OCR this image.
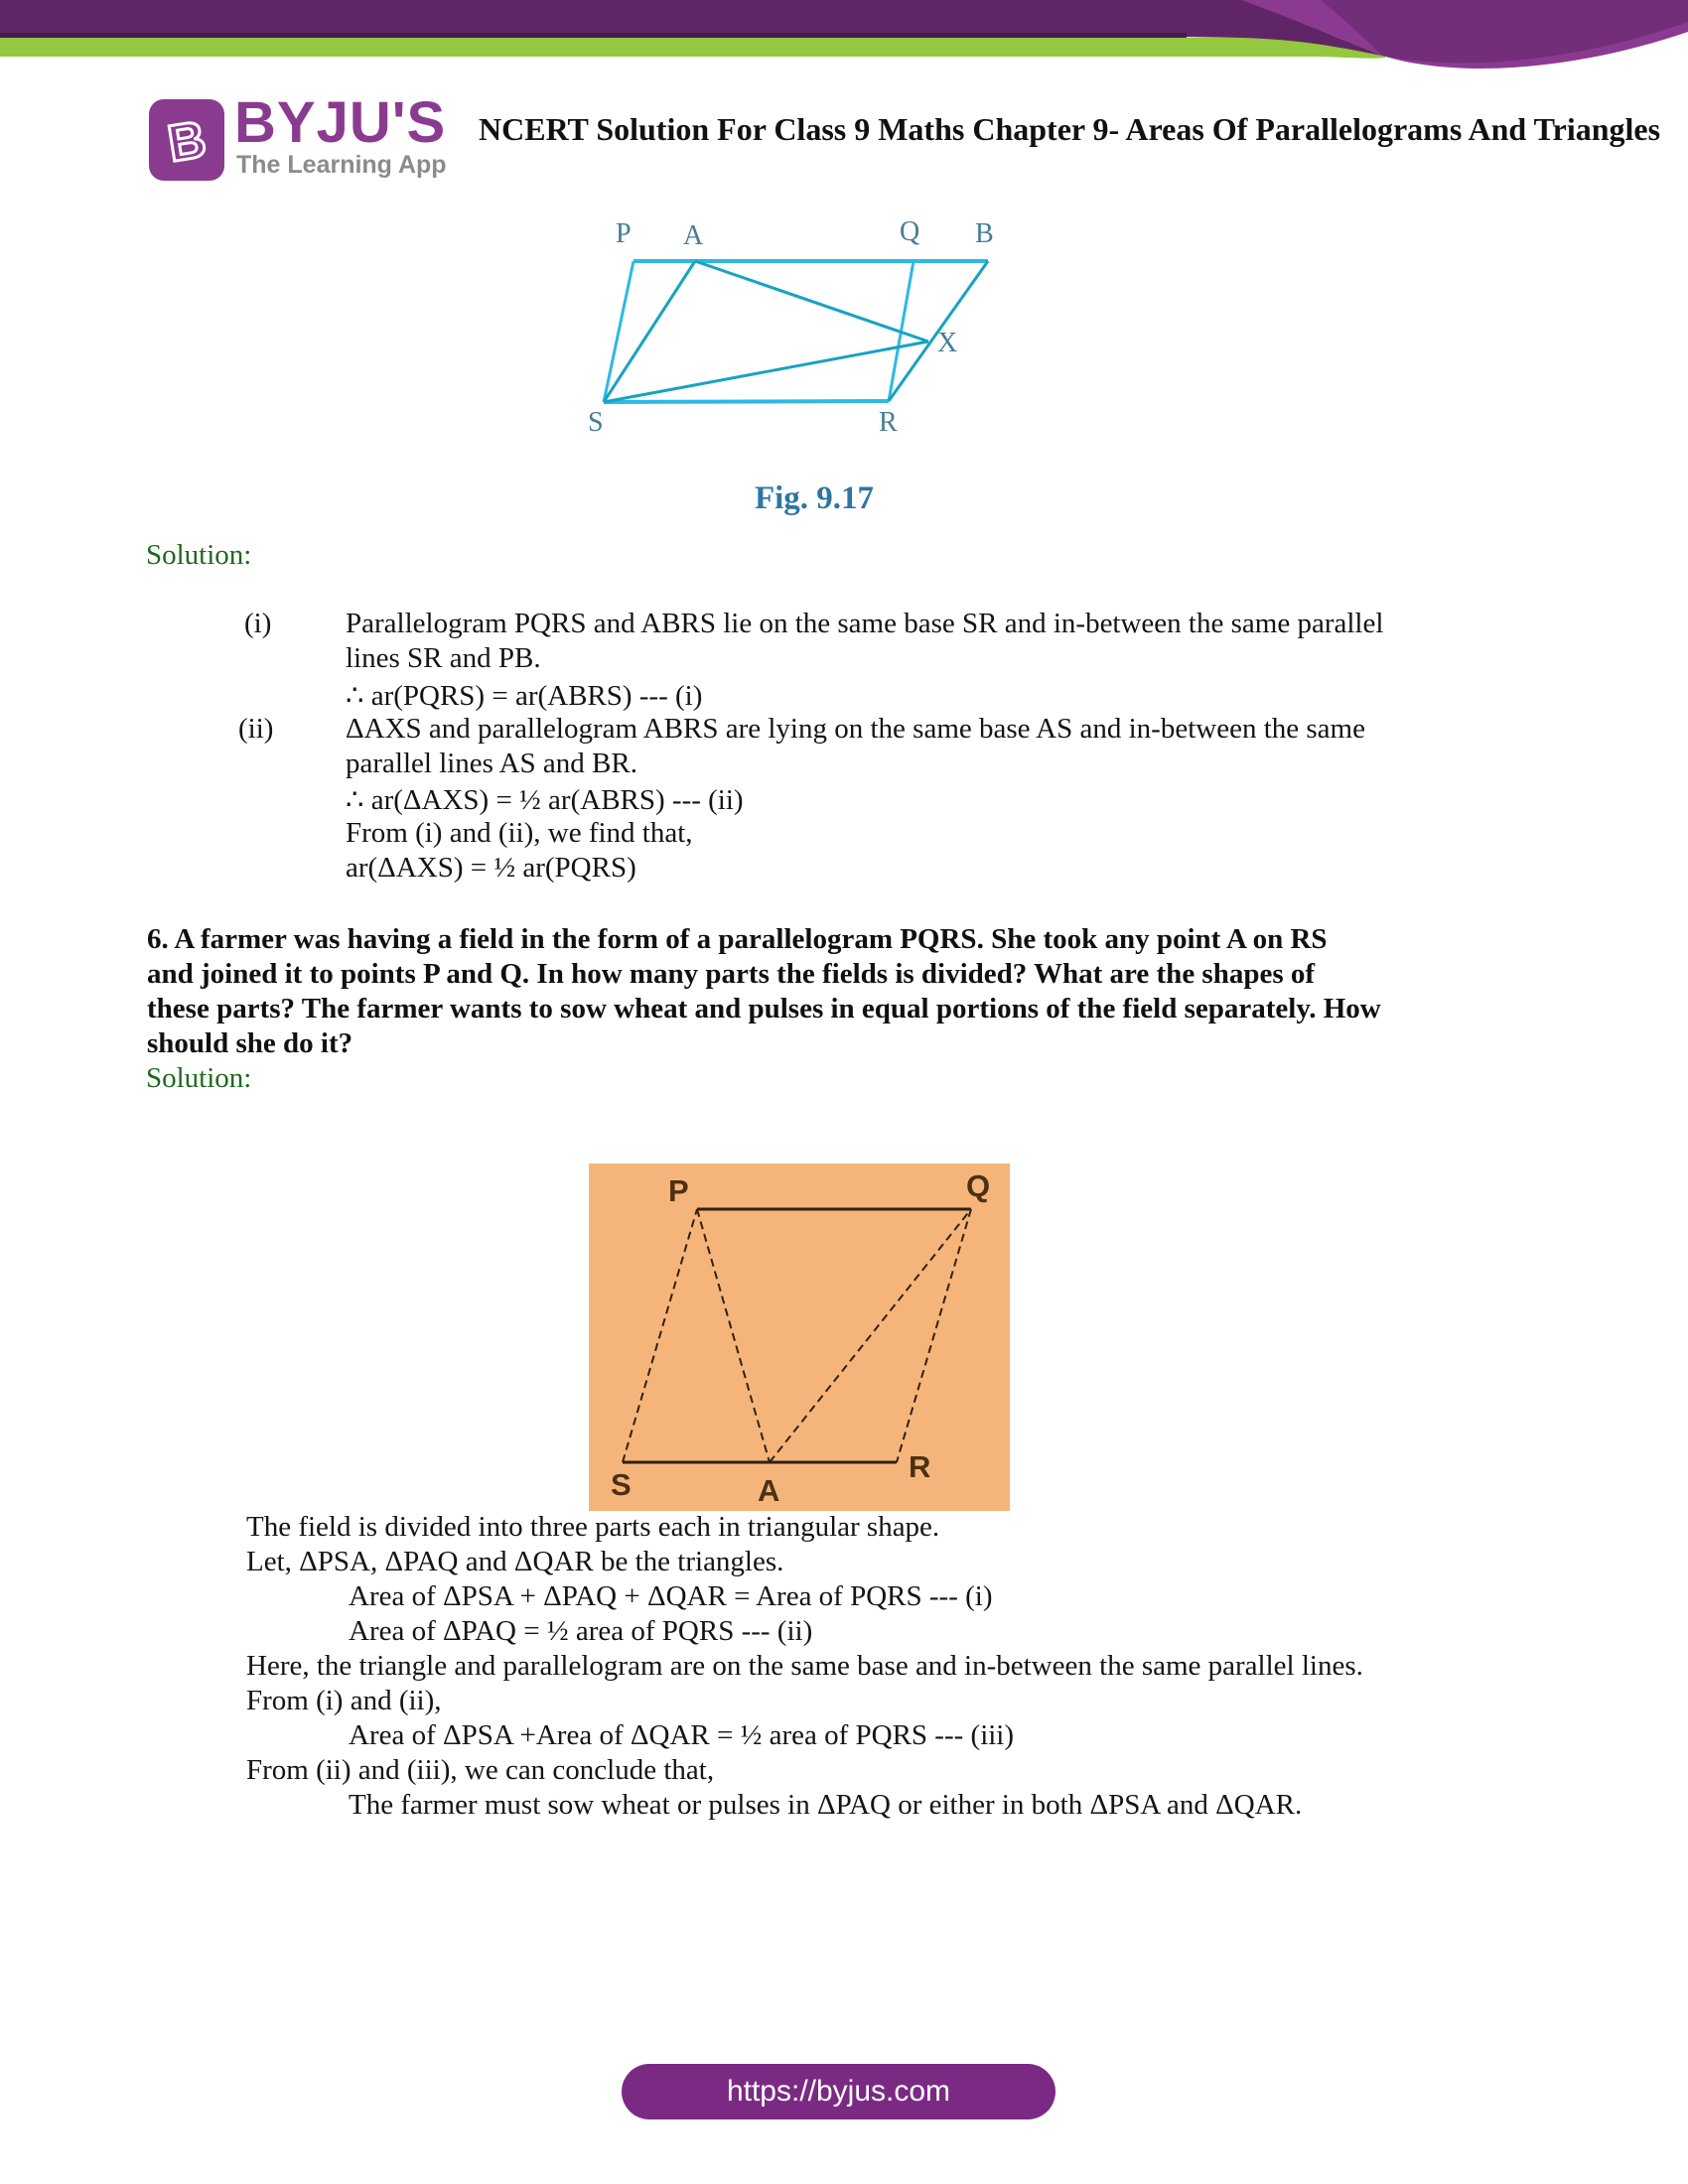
B BYJU'S
The Learning App
NCERT Solution For Class 9 Maths Chapter 9- Areas Of Parallelograms And Triangles
P A	Q B
X
S	R
Fig. 9.17
Solution:
(i)	Parallelogram PQRS and ABRS lie on the same base SR and in-between the same parallel
lines SR and PB.
∴ ar(PQRS) = ar(ABRS) --- (i)
(ii)	ΔAXS and parallelogram ABRS are lying on the same base AS and in-between the same
parallel lines AS and BR.
∴ ar(ΔAXS) = ½ ar(ABRS) --- (ii)
From (i) and (ii), we find that,
ar(ΔAXS) = ½ ar(PQRS)
6. A farmer was having a field in the form of a parallelogram PQRS. She took any point A on RS
and joined it to points P and Q. In how many parts the fields is divided? What are the shapes of
these parts? The farmer wants to sow wheat and pulses in equal portions of the field separately. How
should she do it?
Solution:
P	Q
S	A
R
The field is divided into three parts each in triangular shape.
Let, ΔPSA, ΔPAQ and ΔQAR be the triangles.
Area of ΔPSA + ΔPAQ + ΔQAR = Area of PQRS --- (i)
Area of ΔPAQ = ½ area of PQRS --- (ii)
Here, the triangle and parallelogram are on the same base and in-between the same parallel lines.
From (i) and (ii),
Area of ΔPSA +Area of ΔQAR = ½ area of PQRS --- (iii)
From (ii) and (iii), we can conclude that,
The farmer must sow wheat or pulses in ΔPAQ or either in both ΔPSA and ΔQAR.
https://byjus.com
